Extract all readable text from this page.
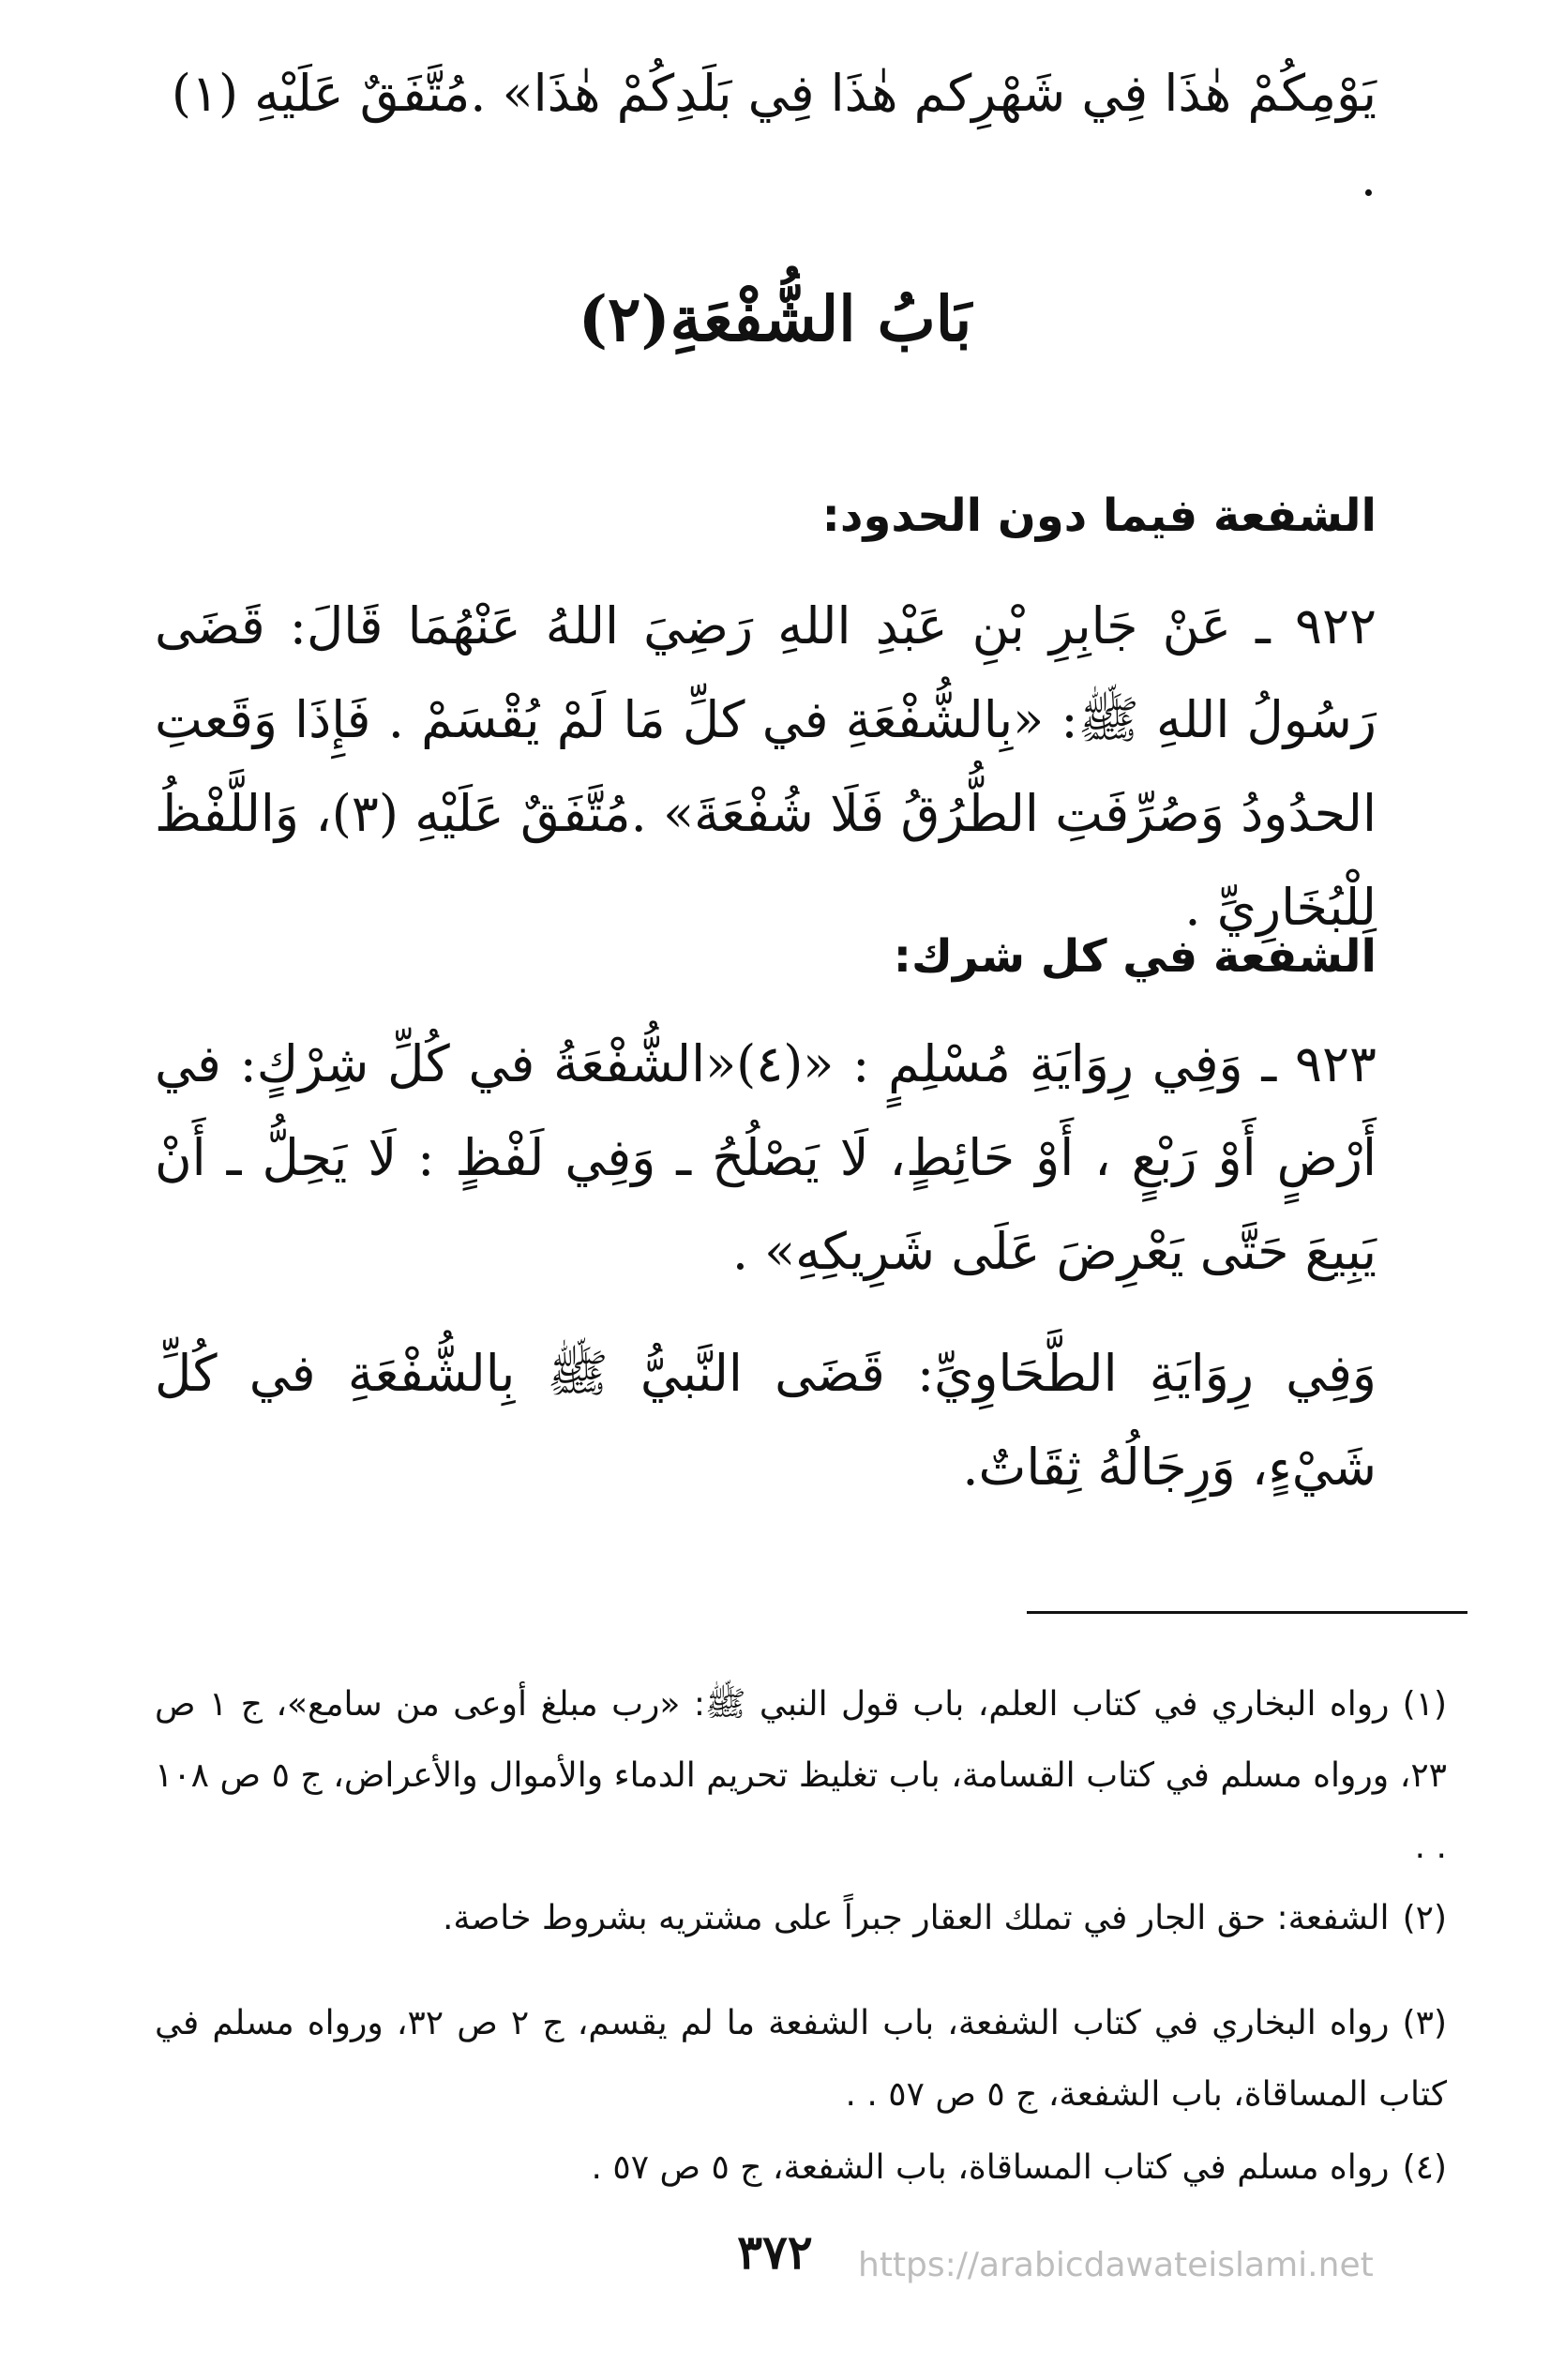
يَوْمِكُمْ هٰذَا فِي شَهْرِكم هٰذَا فِي بَلَدِكُمْ هٰذَا» .مُتَّفَقٌ عَلَيْهِ (١) .
بَابُ الشُّفْعَةِ(٢)
الشفعة فيما دون الحدود:
٩٢٢ ـ عَنْ جَابِرِ بْنِ عَبْدِ اللهِ رَضِيَ اللهُ عَنْهُمَا قَالَ: قَضَى رَسُولُ اللهِ ﷺ: «بِالشُّفْعَةِ في كلِّ مَا لَمْ يُقْسَمْ . فَإِذَا وَقَعتِ الحدُودُ وَصُرِّفَتِ الطُّرُقُ فَلَا شُفْعَةَ» .مُتَّفَقٌ عَلَيْهِ (٣)، وَاللَّفْظُ لِلْبُخَارِيِّ .
الشفعة في كل شرك:
٩٢٣ ـ وَفِي رِوَايَةِ مُسْلِمٍ : «(٤)«الشُّفْعَةُ في كُلِّ شِرْكٍ: في أَرْضٍ أَوْ رَبْعٍ ، أَوْ حَائِطٍ، لَا يَصْلُحُ ـ وَفِي لَفْظٍ : لَا يَحِلُّ ـ أَنْ يَبِيعَ حَتَّى يَعْرِضَ عَلَى شَرِيكِهِ» .
وَفِي رِوَايَةِ الطَّحَاوِيِّ: قَضَى النَّبيُّ ﷺ بِالشُّفْعَةِ في كُلِّ شَيْءٍ، وَرِجَالُهُ ثِقَاتٌ.
(١)رواه البخاري في كتاب العلم، باب قول النبي ﷺ: «رب مبلغ أوعى من سامع»، ج ١ ص ٢٣، ورواه مسلم في كتاب القسامة، باب تغليظ تحريم الدماء والأموال والأعراض، ج ٥ ص ١٠٨ . .
(٢)الشفعة: حق الجار في تملك العقار جبراً على مشتريه بشروط خاصة.
(٣)رواه البخاري في كتاب الشفعة، باب الشفعة ما لم يقسم، ج ٢ ص ٣٢، ورواه مسلم في كتاب المساقاة، باب الشفعة، ج ٥ ص ٥٧ . .
(٤)رواه مسلم في كتاب المساقاة، باب الشفعة، ج ٥ ص ٥٧ .
٣٧٢	https://arabicdawateislami.net
